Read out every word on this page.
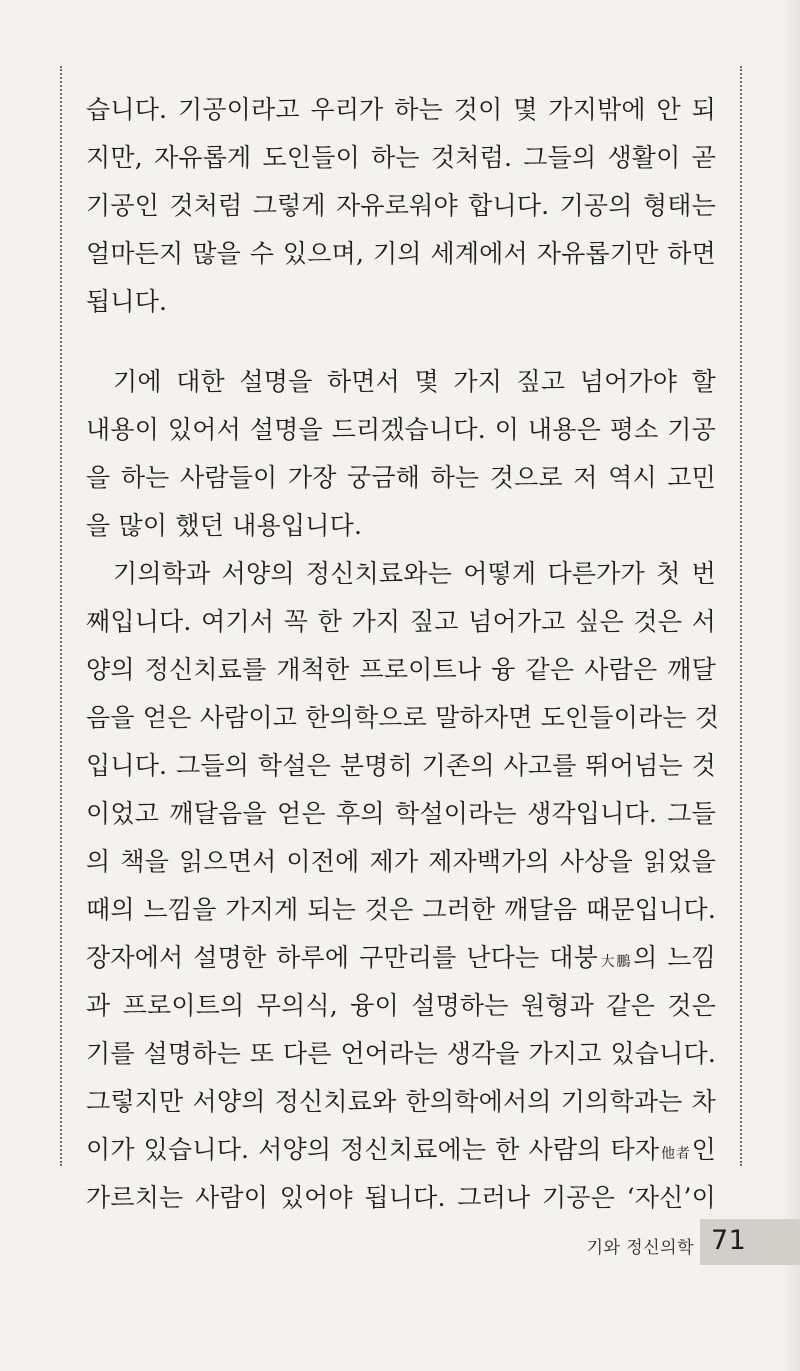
습니다. 기공이라고 우리가 하는 것이 몇 가지밖에 안 되
지만, 자유롭게 도인들이 하는 것처럼. 그들의 생활이 곧
기공인 것처럼 그렇게 자유로워야 합니다. 기공의 형태는
얼마든지 많을 수 있으며, 기의 세계에서 자유롭기만 하면
됩니다.
기에 대한 설명을 하면서 몇 가지 짚고 넘어가야 할
내용이 있어서 설명을 드리겠습니다. 이 내용은 평소 기공
을 하는 사람들이 가장 궁금해 하는 것으로 저 역시 고민
을 많이 했던 내용입니다.
기의학과 서양의 정신치료와는 어떻게 다른가가 첫 번
째입니다. 여기서 꼭 한 가지 짚고 넘어가고 싶은 것은 서
양의 정신치료를 개척한 프로이트나 융 같은 사람은 깨달
음을 얻은 사람이고 한의학으로 말하자면 도인들이라는 것
입니다. 그들의 학설은 분명히 기존의 사고를 뛰어넘는 것
이었고 깨달음을 얻은 후의 학설이라는 생각입니다. 그들
의 책을 읽으면서 이전에 제가 제자백가의 사상을 읽었을
때의 느낌을 가지게 되는 것은 그러한 깨달음 때문입니다.
장자에서 설명한 하루에 구만리를 난다는 대붕大鵬의 느낌
과 프로이트의 무의식, 융이 설명하는 원형과 같은 것은
기를 설명하는 또 다른 언어라는 생각을 가지고 있습니다.
그렇지만 서양의 정신치료와 한의학에서의 기의학과는 차
이가 있습니다. 서양의 정신치료에는 한 사람의 타자他者인
가르치는 사람이 있어야 됩니다. 그러나 기공은 ‘자신’이
기와 정신의학 71
